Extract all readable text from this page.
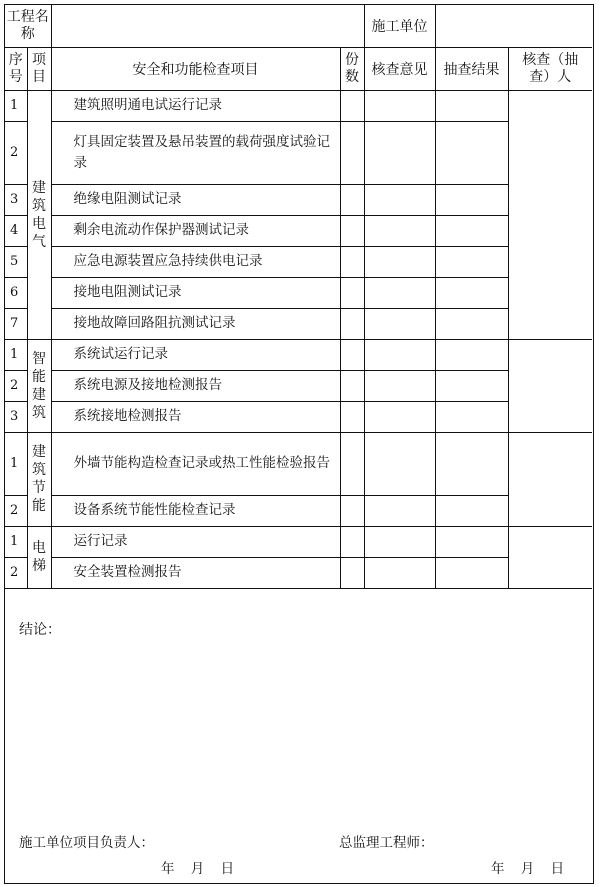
工程名称				施工单位		
序号	项目	安全和功能检查项目	份数	核查意见	抽查结果	核查（抽查）人
1	建
筑
电
气	建筑照明通电试运行记录				
2		灯具固定装置及悬吊装置的载荷强度试验记录				
3		绝缘电阻测试记录				
4		剩余电流动作保护器测试记录				
5		应急电源装置应急持续供电记录				
6		接地电阻测试记录				
7		接地故障回路阻抗测试记录				
1	智
能
建
筑	系统试运行记录				
2		系统电源及接地检测报告				
3		系统接地检测报告				
1	建
筑
节
能	外墙节能构造检查记录或热工性能检验报告				
2		设备系统节能性能检查记录				
1	电
梯	运行记录				
2		安全装置检测报告				
结论：
施工单位项目负责人：	总监理工程师：
年 月 日	年 月 日
